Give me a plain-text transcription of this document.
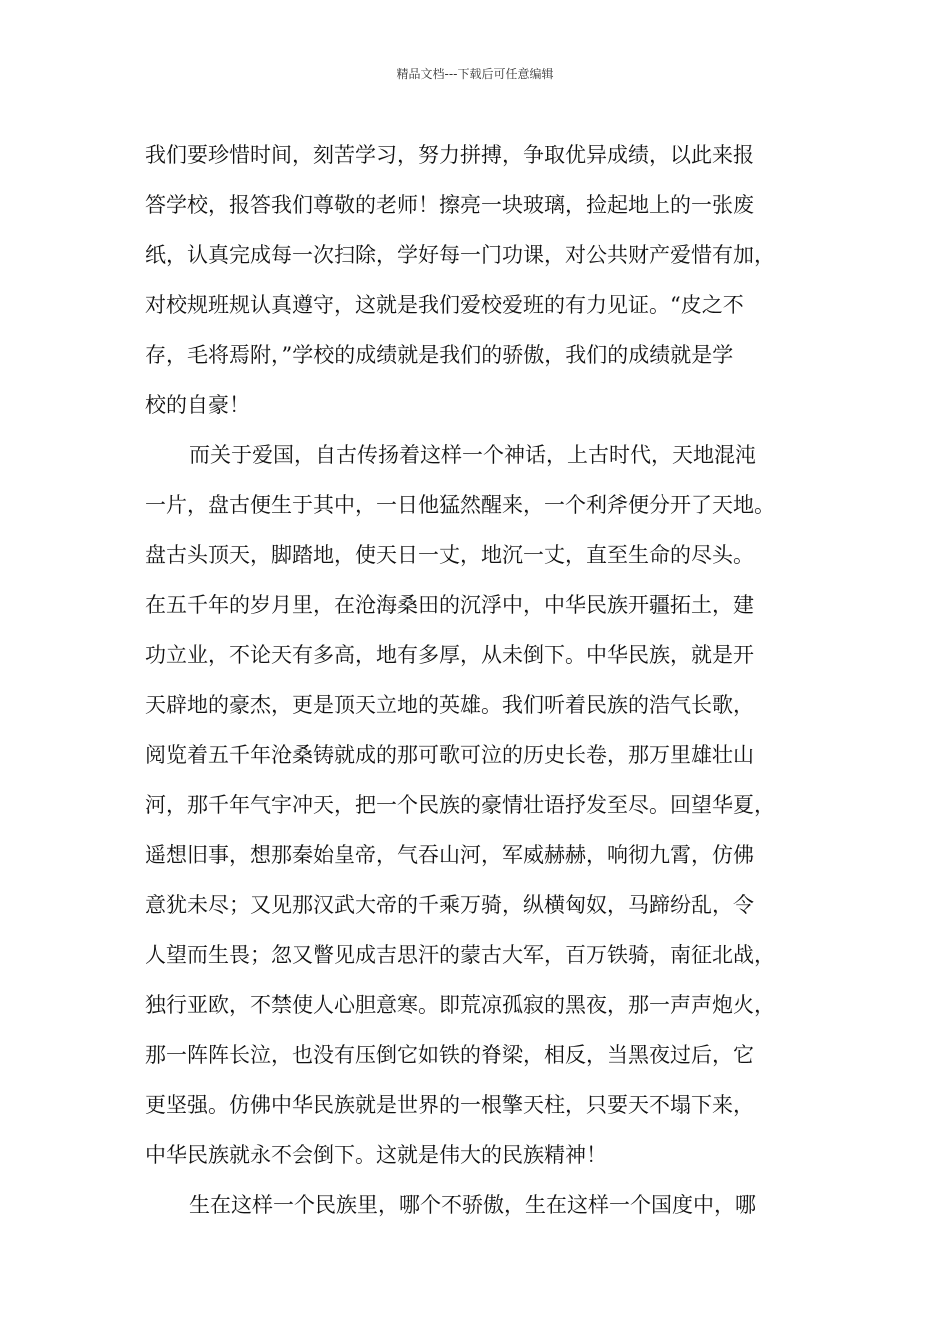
精品文档---下载后可任意编辑
我们要珍惜时间，刻苦学习，努力拼搏，争取优异成绩，以此来报
答学校，报答我们尊敬的老师！擦亮一块玻璃，捡起地上的一张废
纸，认真完成每一次扫除，学好每一门功课，对公共财产爱惜有加，
对校规班规认真遵守，这就是我们爱校爱班的有力见证。“皮之不
存，毛将焉附，”学校的成绩就是我们的骄傲，我们的成绩就是学
校的自豪！
而关于爱国，自古传扬着这样一个神话，上古时代，天地混沌
一片，盘古便生于其中，一日他猛然醒来，一个利斧便分开了天地。
盘古头顶天，脚踏地，使天日一丈，地沉一丈，直至生命的尽头。
在五千年的岁月里，在沧海桑田的沉浮中，中华民族开疆拓土，建
功立业，不论天有多高，地有多厚，从未倒下。中华民族，就是开
天辟地的豪杰，更是顶天立地的英雄。我们听着民族的浩气长歌，
阅览着五千年沧桑铸就成的那可歌可泣的历史长卷，那万里雄壮山
河，那千年气宇冲天，把一个民族的豪情壮语抒发至尽。回望华夏，
遥想旧事，想那秦始皇帝，气吞山河，军威赫赫，响彻九霄，仿佛
意犹未尽；又见那汉武大帝的千乘万骑，纵横匈奴，马蹄纷乱，令
人望而生畏；忽又瞥见成吉思汗的蒙古大军，百万铁骑，南征北战，
独行亚欧，不禁使人心胆意寒。即荒凉孤寂的黑夜，那一声声炮火，
那一阵阵长泣，也没有压倒它如铁的脊梁，相反，当黑夜过后，它
更坚强。仿佛中华民族就是世界的一根擎天柱，只要天不塌下来，
中华民族就永不会倒下。这就是伟大的民族精神！
生在这样一个民族里，哪个不骄傲，生在这样一个国度中，哪
